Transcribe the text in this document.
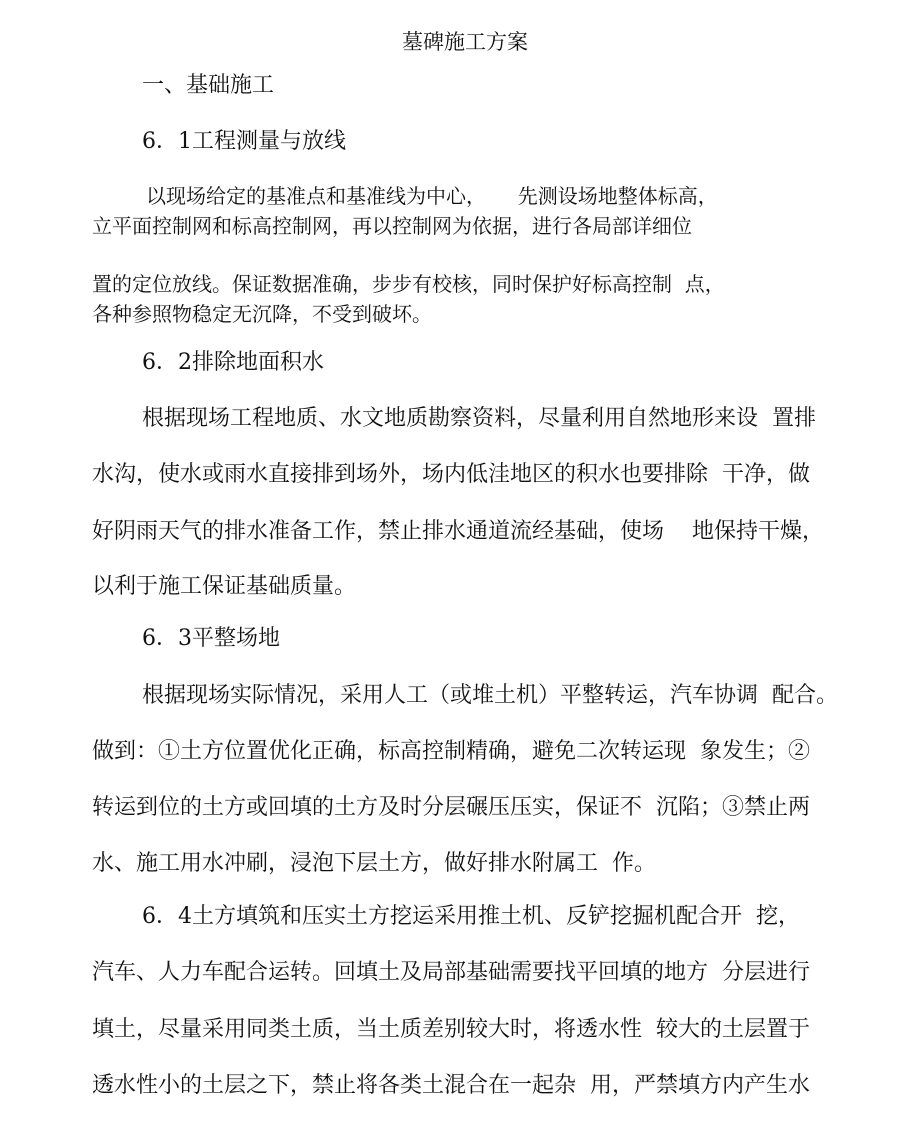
墓碑施工方案
一、基础施工
6．1工程测量与放线
以现场给定的基准点和基准线为中心，     先测设场地整体标高，
立平面控制网和标高控制网，再以控制网为依据，进行各局部详细位
置的定位放线。保证数据准确，步步有校核，同时保护好标高控制  点，
各种参照物稳定无沉降，不受到破坏。
6．2排除地面积水
根据现场工程地质、水文地质勘察资料，尽量利用自然地形来设  置排
水沟，使水或雨水直接排到场外，场内低洼地区的积水也要排除  干净，做
好阴雨天气的排水准备工作，禁止排水通道流经基础，使场    地保持干燥，
以利于施工保证基础质量。
6．3平整场地
根据现场实际情况，采用人工（或堆土机）平整转运，汽车协调  配合。
做到：①土方位置优化正确，标高控制精确，避免二次转运现  象发生；②
转运到位的土方或回填的土方及时分层碾压压实，保证不  沉陷；③禁止两
水、施工用水冲刷，浸泡下层土方，做好排水附属工  作。
6．4土方填筑和压实土方挖运采用推土机、反铲挖掘机配合开  挖，
汽车、人力车配合运转。回填土及局部基础需要找平回填的地方  分层进行
填土，尽量采用同类土质，当土质差别较大时，将透水性  较大的土层置于
透水性小的土层之下，禁止将各类土混合在一起杂  用，严禁填方内产生水
